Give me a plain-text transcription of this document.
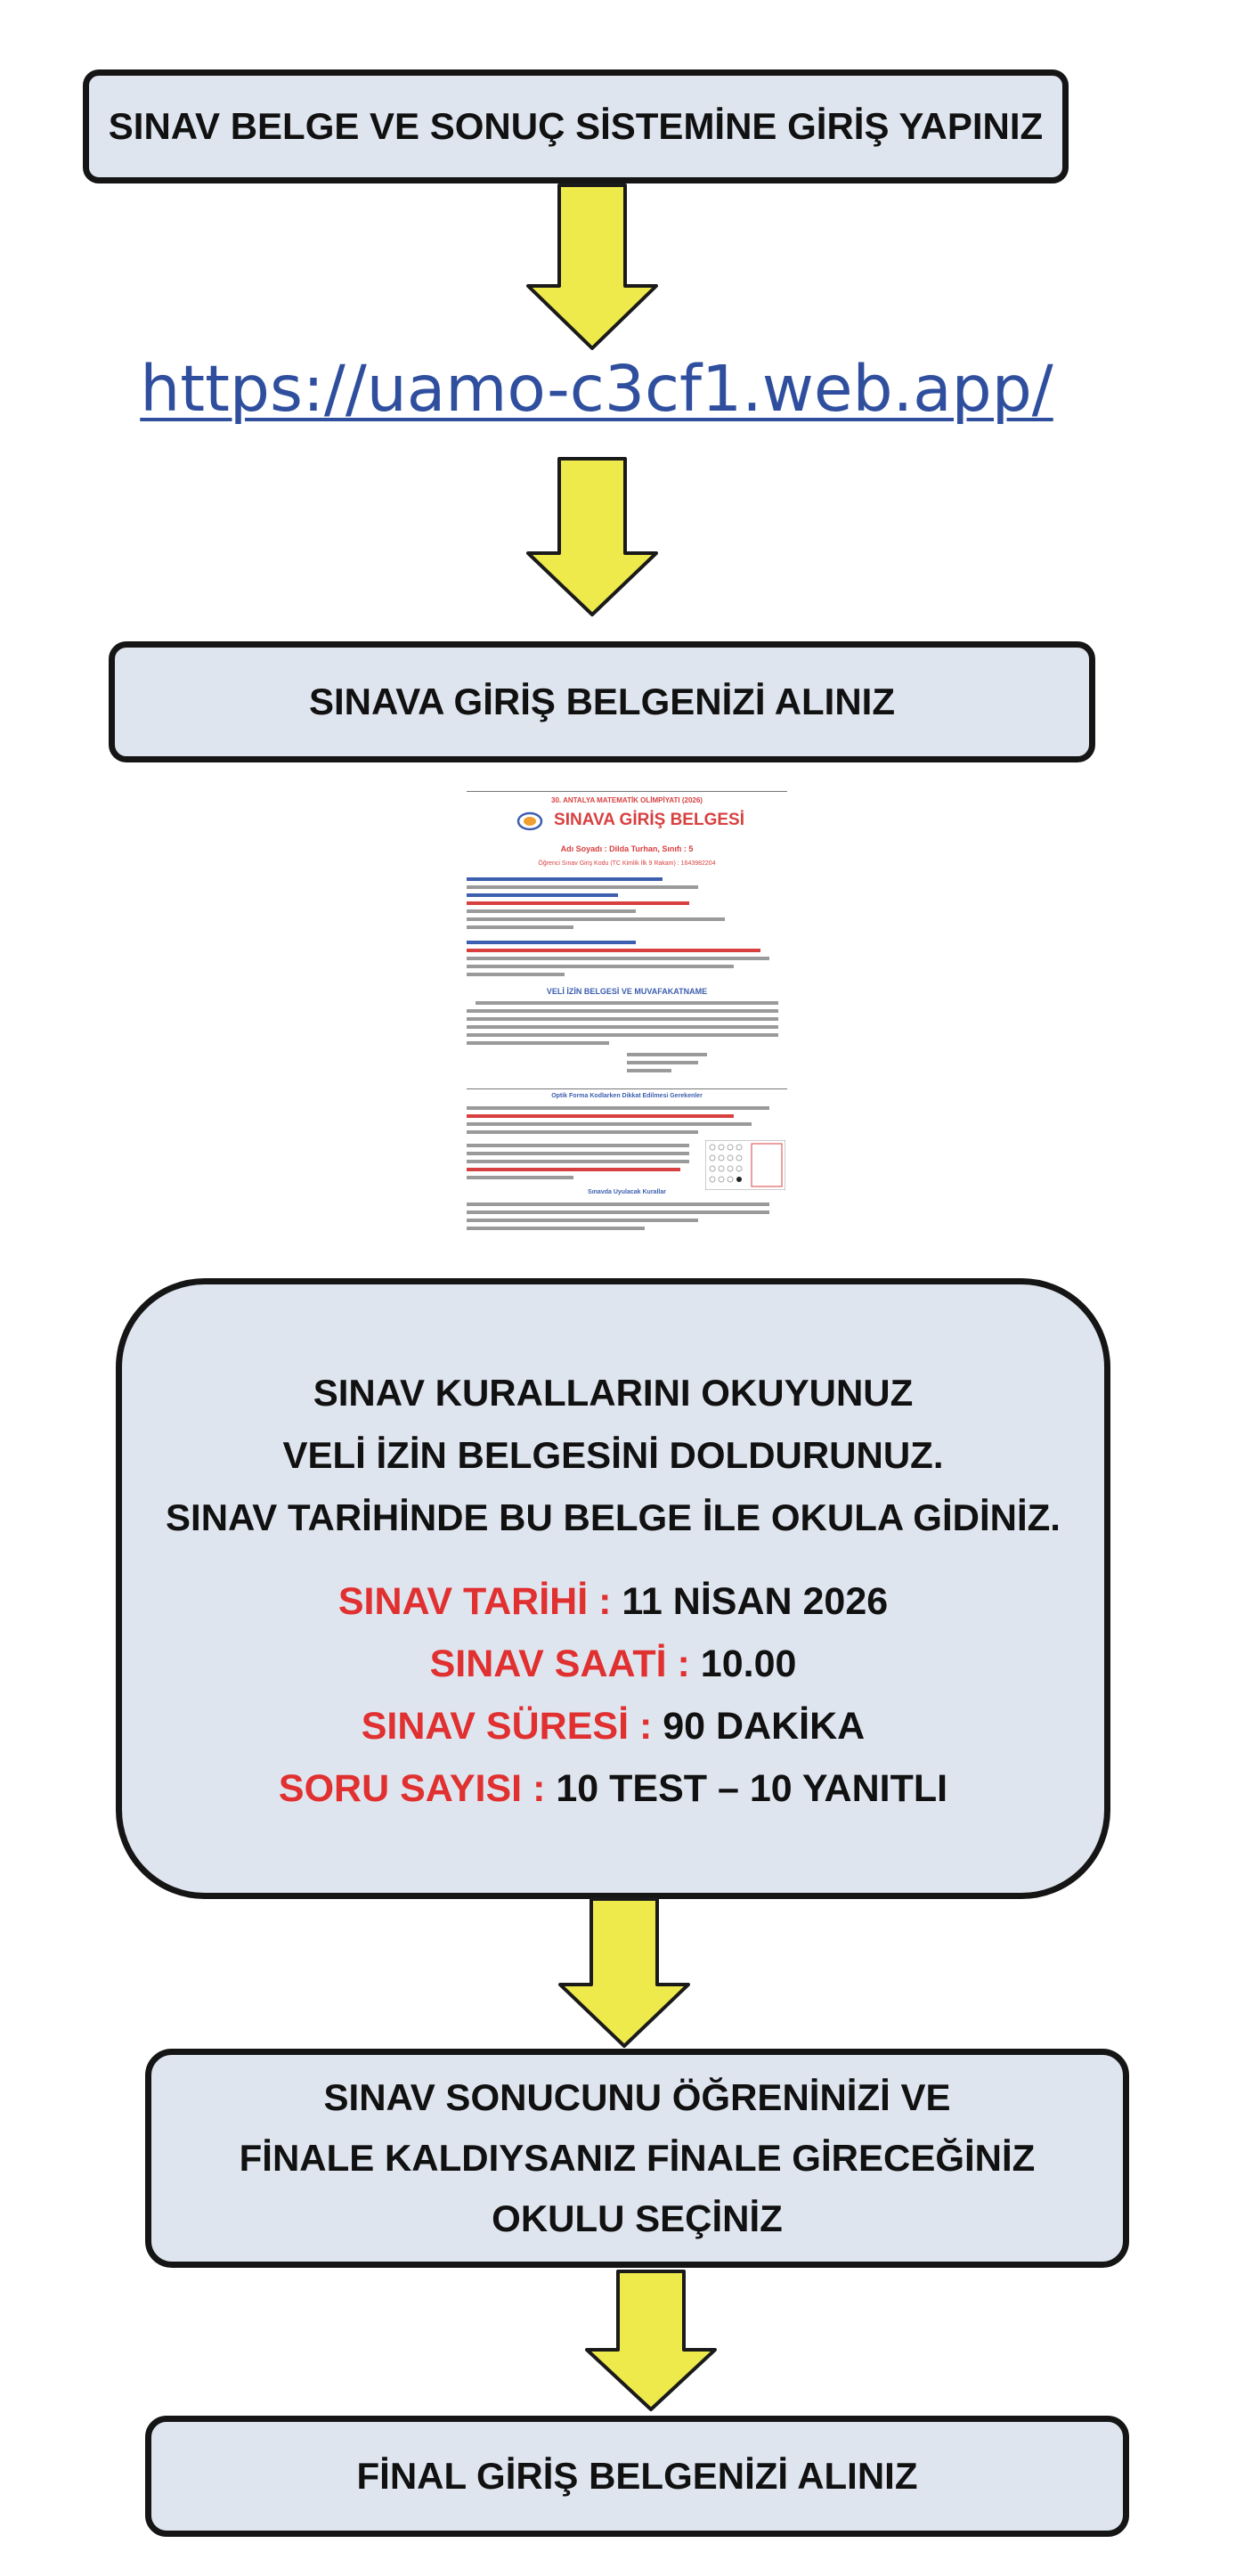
SINAV BELGE VE SONUÇ SİSTEMİNE GİRİŞ YAPINIZ
https://uamo-c3cf1.web.app/
SINAVA GİRİŞ BELGENİZİ ALINIZ
30. ANTALYA MATEMATİK OLİMPİYATI (2026)
SINAVA GİRİŞ BELGESİ
Adı Soyadı : Dilda Turhan, Sınıfı : 5
Öğrenci Sınav Giriş Kodu (TC Kimlik İlk 9 Rakam) : 1643982204
VELİ İZİN BELGESİ VE MUVAFAKATNAME
Optik Forma Kodlarken Dikkat Edilmesi Gerekenler
Sınavda Uyulacak Kurallar
SINAV KURALLARINI OKUYUNUZ
VELİ İZİN BELGESİNİ DOLDURUNUZ.
SINAV TARİHİNDE BU BELGE İLE OKULA GİDİNİZ.
SINAV TARİHİ : 11 NİSAN 2026
SINAV SAATİ : 10.00
SINAV SÜRESİ : 90 DAKİKA
SORU SAYISI : 10 TEST – 10 YANITLI
SINAV SONUCUNU ÖĞRENİNİZİ VE
FİNALE KALDIYSANIZ FİNALE GİRECEĞİNİZ
OKULU SEÇİNİZ
FİNAL GİRİŞ BELGENİZİ ALINIZ
